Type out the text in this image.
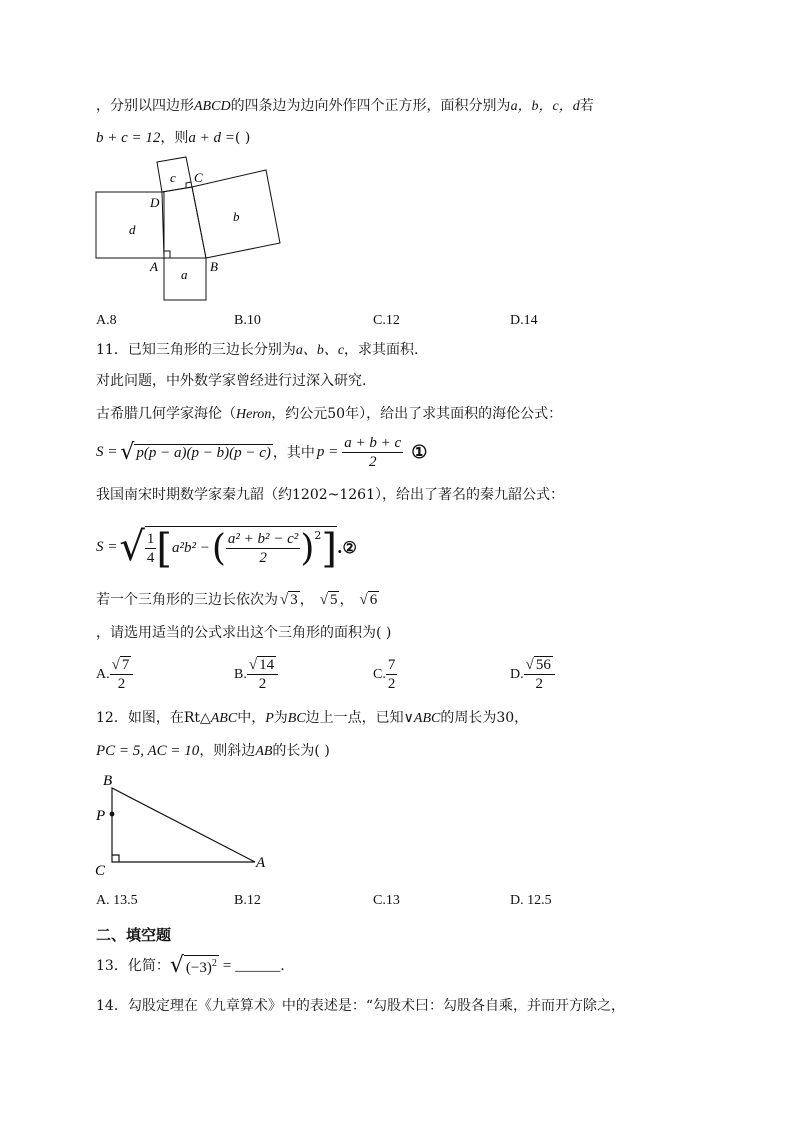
，分别以四边形ABCD的四条边为边向外作四个正方形，面积分别为a，b，c，d若
b + c = 12，则a + d =( )
d
a
c
b
D
C
A	B
A.8	B.10	C.12	D.14
11．已知三角形的三边长分别为a、b、c，求其面积.
对此问题，中外数学家曾经进行过深入研究.
古希腊几何学家海伦（Heron，约公元50年），给出了求其面积的海伦公式：
S = √ p(p − a)(p − b)(p − c) ，其中 $p = \frac{a + b + c}{2}$ ①
我国南宋时期数学家秦九韶（约1202~1261），给出了著名的秦九韶公式：
S = √ $\frac{1}{4}$ [ a²b² − ( $\frac{\text{a² + b² − c²}}{2}$ ) 2 ] .②
若一个三角形的三边长依次为 √ 3 ， √ 5 ， √ 6
，请选用适当的公式求出这个三角形的面积为( )
A. $\frac{√ 7}{2}$	B. $\frac{√ 14}{2}$	C. $\frac{7}{2}$	D. $\frac{√ 56}{2}$
12．如图，在Rt△ABC中，P为BC边上一点，已知∨ABC的周长为30，
PC = 5, AC = 10，则斜边AB的长为( )
B
P
C	A
A. 13.5	B.12	C.13	D. 12.5
二、填空题
13．化简： √ $(-3)^2$ = ______ .
14．勾股定理在《九章算术》中的表述是：“勾股术曰：勾股各自乘，并而开方除之，
